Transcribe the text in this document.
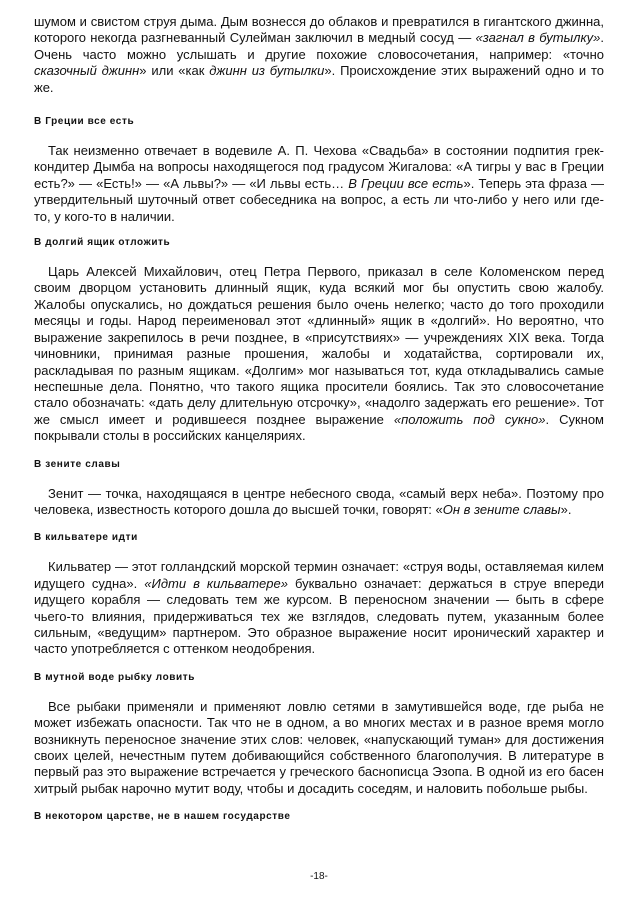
шумом и свистом струя дыма. Дым вознесся до облаков и превратился в гигантского джинна, которого некогда разгневанный Сулейман заключил в медный сосуд — «загнал в бутылку». Очень часто можно услышать и другие похожие словосочетания, например: «точно сказочный джинн» или «как джинн из бутылки». Происхождение этих выражений одно и то же.

В Греции все есть

Так неизменно отвечает в водевиле А. П. Чехова «Свадьба» в состоянии подпития грек-кондитер Дымба на вопросы находящегося под градусом Жигалова: «А тигры у вас в Греции есть?» — «Есть!» — «А львы?» — «И львы есть… В Греции все есть». Теперь эта фраза — утвердительный шуточный ответ собеседника на вопрос, а есть ли что-либо у него или где-то, у кого-то в наличии.

В долгий ящик отложить

Царь Алексей Михайлович, отец Петра Первого, приказал в селе Коломенском перед своим дворцом установить длинный ящик, куда всякий мог бы опустить свою жалобу. Жалобы опускались, но дождаться решения было очень нелегко; часто до того проходили месяцы и годы. Народ переименовал этот «длинный» ящик в «долгий». Но вероятно, что выражение закрепилось в речи позднее, в «присутствиях» — учреждениях XIX века. Тогда чиновники, принимая разные прошения, жалобы и ходатайства, сортировали их, раскладывая по разным ящикам. «Долгим» мог называться тот, куда откладывались самые неспешные дела. Понятно, что такого ящика просители боялись. Так это словосочетание стало обозначать: «дать делу длительную отсрочку», «надолго задержать его решение». Тот же смысл имеет и родившееся позднее выражение «положить под сукно». Сукном покрывали столы в российских канцеляриях.

В зените славы

Зенит — точка, находящаяся в центре небесного свода, «самый верх неба». Поэтому про человека, известность которого дошла до высшей точки, говорят: «Он в зените славы».

В кильватере идти

Кильватер — этот голландский морской термин означает: «струя воды, оставляемая килем идущего судна». «Идти в кильватере» буквально означает: держаться в струе впереди идущего корабля — следовать тем же курсом. В переносном значении — быть в сфере чьего-то влияния, придерживаться тех же взглядов, следовать путем, указанным более сильным, «ведущим» партнером. Это образное выражение носит иронический характер и часто употребляется с оттенком неодобрения.

В мутной воде рыбку ловить

Все рыбаки применяли и применяют ловлю сетями в замутившейся воде, где рыба не может избежать опасности. Так что не в одном, а во многих местах и в разное время могло возникнуть переносное значение этих слов: человек, «напускающий туман» для достижения своих целей, нечестным путем добивающийся собственного благополучия. В литературе в первый раз это выражение встречается у греческого баснописца Эзопа. В одной из его басен хитрый рыбак нарочно мутит воду, чтобы и досадить соседям, и наловить побольше рыбы.

В некотором царстве, не в нашем государстве
-18-
